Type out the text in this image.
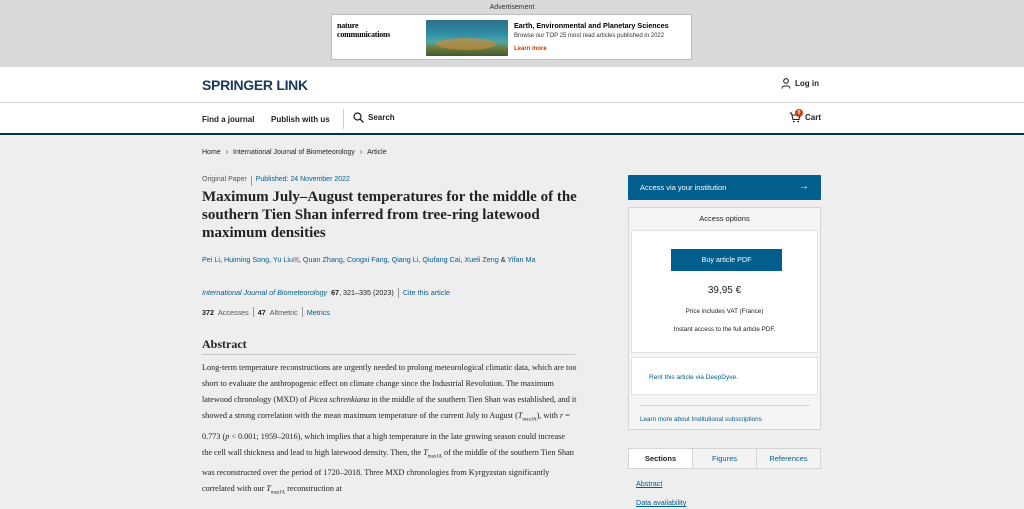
Advertisement
nature
communications
Earth, Environmental and Planetary Sciences
Browse our TOP 25 most read articles published in 2022
Learn more
SPRINGER LINK	Log in
Find a journal Publish with us	Search	0 Cart
Home › International Journal of Biometeorology › Article
Original Paper Published: 24 November 2022
Maximum July–August temperatures for the middle of the southern Tien Shan inferred from tree-ring latewood maximum densities
Pei Li, Huiming Song, Yu Liu✉, Quan Zhang, Congxi Fang, Qiang Li, Qiufang Cai, Xueli Zeng & Yifan Ma
International Journal of Biometeorology 67, 321–335 (2023) Cite this article
372 Accesses 47 Altmetric Metrics
Abstract

Long-term temperature reconstructions are urgently needed to prolong meteorological climatic data, which are too short to evaluate the anthropogenic effect on climate change since the Industrial Revolution. The maximum latewood chronology (MXD) of Picea schrenkiana in the middle of the southern Tien Shan was established, and it showed a strong correlation with the mean maximum temperature of the current July to August $(T_{maxJA})$, with r = 0.773 (p < 0.001; 1959–2016), which implies that a high temperature in the late growing season could increase the cell wall thickness and lead to high latewood density. Then, the $T_{maxJA}$ of the middle of the southern Tien Shan was reconstructed over the period of 1720–2018. Three MXD chronologies from Kyrgyzstan significantly correlated with our $T_{maxJA}$ reconstruction at

Access via your institution	→
Access options
Buy article PDF
39,95 €
Price includes VAT (France)
Instant access to the full article PDF.
Rent this article via DeepDyve.
Learn more about Institutional subscriptions
Sections	Figures	References
Abstract
Data availability
